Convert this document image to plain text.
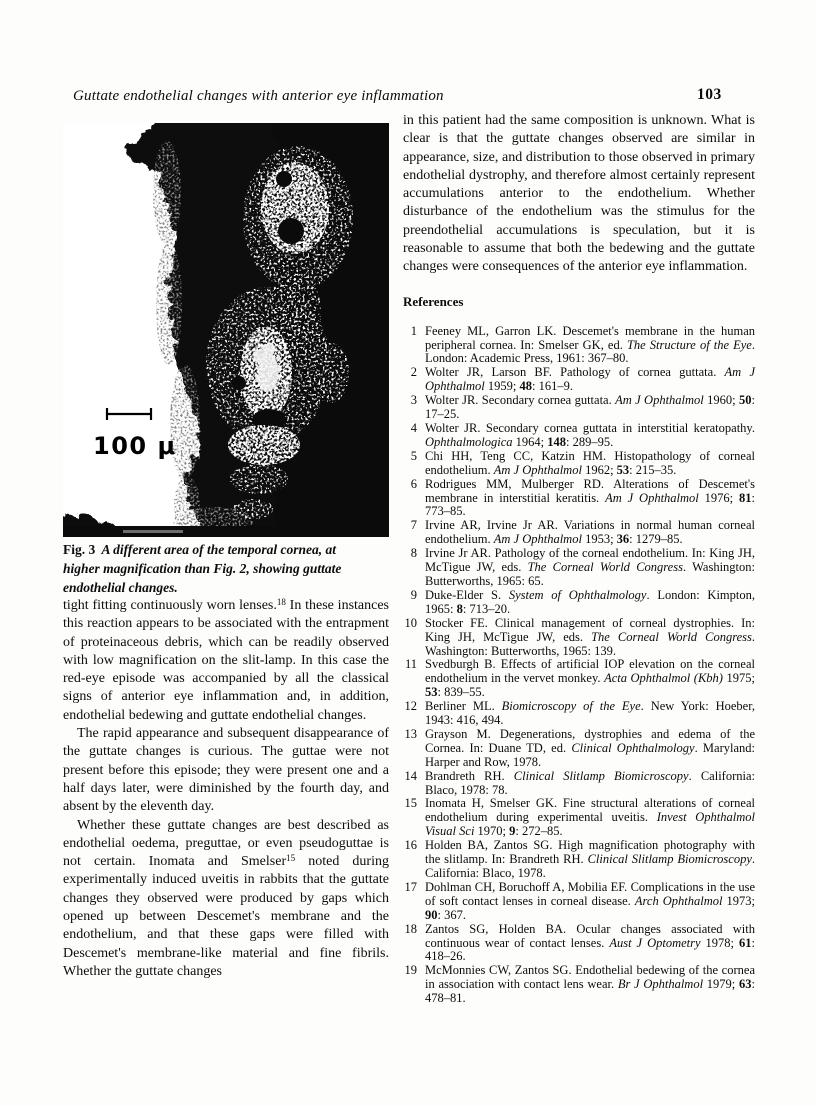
Guttate endothelial changes with anterior eye inflammation	103
100 μ
Fig. 3  A different area of the temporal cornea, at higher magnification than Fig. 2, showing guttate endothelial changes.

tight fitting continuously worn lenses.$^{18}$ In these instances this reaction appears to be associated with the entrapment of proteinaceous debris, which can be readily observed with low magnification on the slit-lamp. In this case the red-eye episode was accompanied by all the classical signs of anterior eye inflammation and, in addition, endothelial bedewing and guttate endothelial changes.

The rapid appearance and subsequent disappearance of the guttate changes is curious. The guttae were not present before this episode; they were present one and a half days later, were diminished by the fourth day, and absent by the eleventh day.

Whether these guttate changes are best described as endothelial oedema, preguttae, or even pseudoguttae is not certain. Inomata and Smelser$^{15}$ noted during experimentally induced uveitis in rabbits that the guttate changes they observed were produced by gaps which opened up between Descemet's membrane and the endothelium, and that these gaps were filled with Descemet's membrane-like material and fine fibrils. Whether the guttate changes

in this patient had the same composition is unknown. What is clear is that the guttate changes observed are similar in appearance, size, and distribution to those observed in primary endothelial dystrophy, and therefore almost certainly represent accumulations anterior to the endothelium. Whether disturbance of the endothelium was the stimulus for the preendothelial accumulations is speculation, but it is reasonable to assume that both the bedewing and the guttate changes were consequences of the anterior eye inflammation.

References
1 Feeney ML, Garron LK. Descemet's membrane in the human peripheral cornea. In: Smelser GK, ed. The Structure of the Eye. London: Academic Press, 1961: 367–80.
2 Wolter JR, Larson BF. Pathology of cornea guttata. Am J Ophthalmol 1959; 48: 161–9.
3 Wolter JR. Secondary cornea guttata. Am J Ophthalmol 1960; 50: 17–25.
4 Wolter JR. Secondary cornea guttata in interstitial keratopathy. Ophthalmologica 1964; 148: 289–95.
5 Chi HH, Teng CC, Katzin HM. Histopathology of corneal endothelium. Am J Ophthalmol 1962; 53: 215–35.
6 Rodrigues MM, Mulberger RD. Alterations of Descemet's membrane in interstitial keratitis. Am J Ophthalmol 1976; 81: 773–85.
7 Irvine AR, Irvine Jr AR. Variations in normal human corneal endothelium. Am J Ophthalmol 1953; 36: 1279–85.
8 Irvine Jr AR. Pathology of the corneal endothelium. In: King JH, McTigue JW, eds. The Corneal World Congress. Washington: Butterworths, 1965: 65.
9 Duke-Elder S. System of Ophthalmology. London: Kimpton, 1965: 8: 713–20.
10 Stocker FE. Clinical management of corneal dystrophies. In: King JH, McTigue JW, eds. The Corneal World Congress. Washington: Butterworths, 1965: 139.
11 Svedburgh B. Effects of artificial IOP elevation on the corneal endothelium in the vervet monkey. Acta Ophthalmol (Kbh) 1975; 53: 839–55.
12 Berliner ML. Biomicroscopy of the Eye. New York: Hoeber, 1943: 416, 494.
13 Grayson M. Degenerations, dystrophies and edema of the Cornea. In: Duane TD, ed. Clinical Ophthalmology. Maryland: Harper and Row, 1978.
14 Brandreth RH. Clinical Slitlamp Biomicroscopy. California: Blaco, 1978: 78.
15 Inomata H, Smelser GK. Fine structural alterations of corneal endothelium during experimental uveitis. Invest Ophthalmol Visual Sci 1970; 9: 272–85.
16 Holden BA, Zantos SG. High magnification photography with the slitlamp. In: Brandreth RH. Clinical Slitlamp Biomicroscopy. California: Blaco, 1978.
17 Dohlman CH, Boruchoff A, Mobilia EF. Complications in the use of soft contact lenses in corneal disease. Arch Ophthalmol 1973; 90: 367.
18 Zantos SG, Holden BA. Ocular changes associated with continuous wear of contact lenses. Aust J Optometry 1978; 61: 418–26.
19 McMonnies CW, Zantos SG. Endothelial bedewing of the cornea in association with contact lens wear. Br J Ophthalmol 1979; 63: 478–81.
